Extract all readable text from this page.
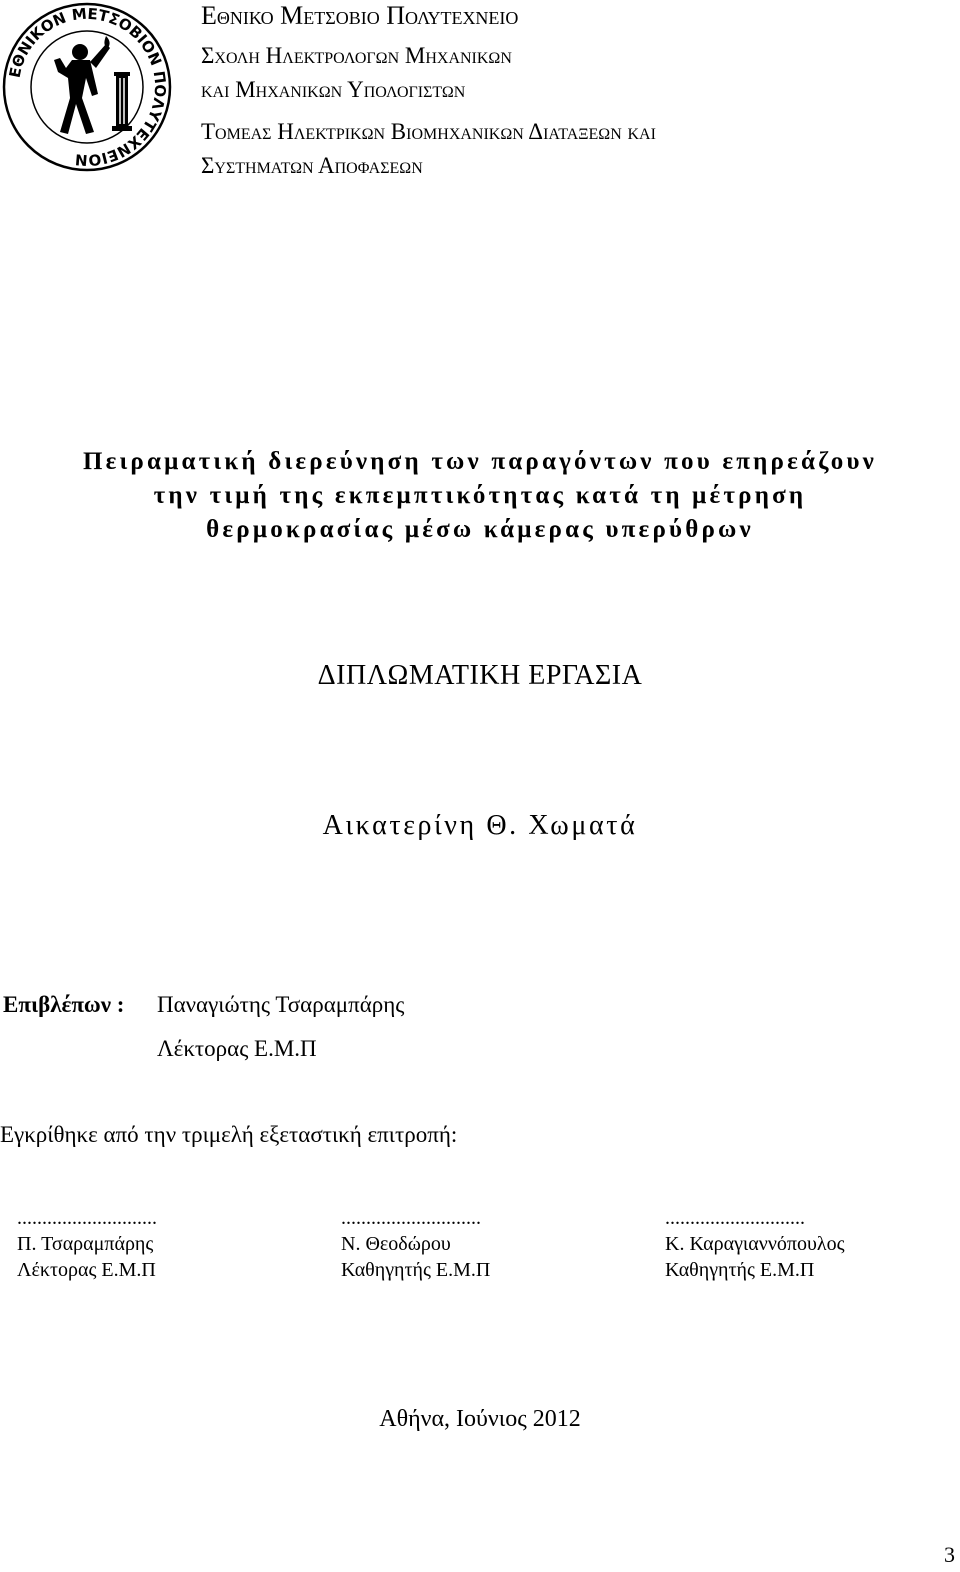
ΕΘΝΙΚΟΝ ΜΕΤΣΟΒΙΟΝ ΠΟΛΥΤΕΧΝΕΙΟΝ
Εθνικο Μετσοβιο Πολυτεχνειο
Σχολη Ηλεκτρολογων Μηχανικων
και Μηχανικων Υπολογιστων
Τομεας Ηλεκτρικων Βιομηχανικων Διαταξεων και
Συστηματων Αποφασεων
Πειραματική διερεύνηση των παραγόντων που επηρεάζουν
την τιμή της εκπεμπτικότητας κατά τη μέτρηση
θερμοκρασίας μέσω κάμερας υπερύθρων
ΔΙΠΛΩΜΑΤΙΚΗ ΕΡΓΑΣΙΑ
Αικατερίνη Θ. Χωματά
Επιβλέπων : Παναγιώτης Τσαραμπάρης
Λέκτορας Ε.Μ.Π
Εγκρίθηκε από την τριμελή εξεταστική επιτροπή:
............................
Π. Τσαραμπάρης
Λέκτορας Ε.Μ.Π
............................
Ν. Θεοδώρου
Καθηγητής Ε.Μ.Π
............................
Κ. Καραγιαννόπουλος
Καθηγητής Ε.Μ.Π
Αθήνα, Ιούνιος 2012
3
